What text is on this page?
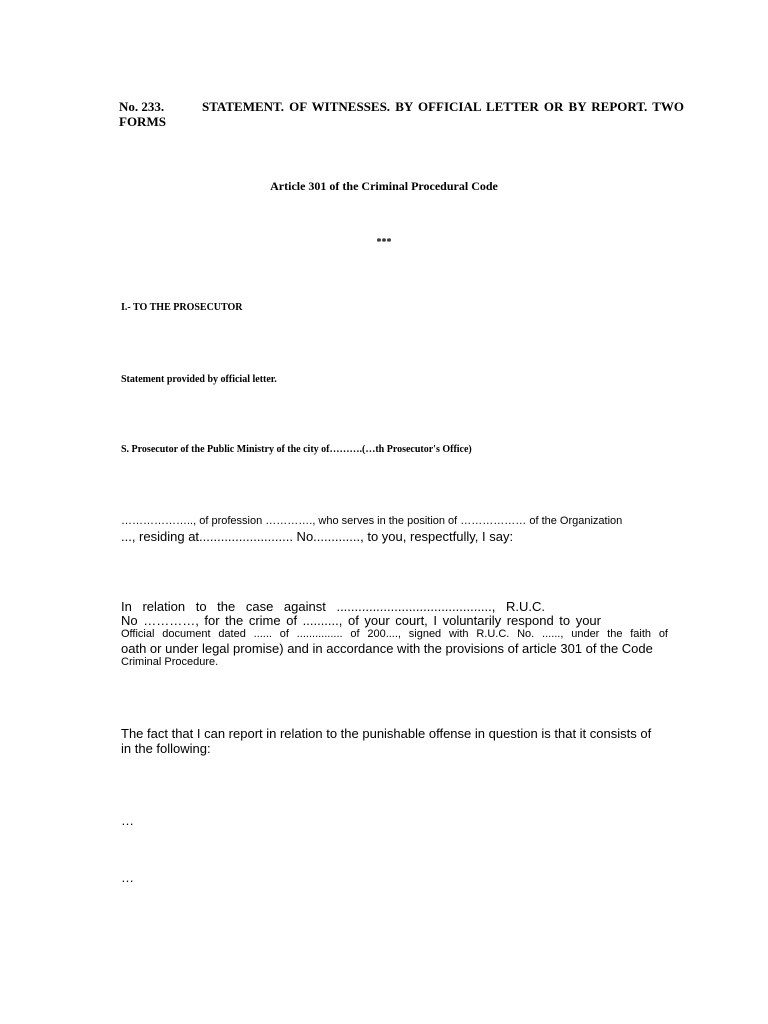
No. 233.	STATEMENT. OF WITNESSES. BY OFFICIAL LETTER OR BY REPORT. TWO

FORMS

Article 301 of the Criminal Procedural Code

***

I.- TO THE PROSECUTOR

Statement provided by official letter.

S. Prosecutor of the Public Ministry of the city of……….(…th Prosecutor's Office)

……………….., of profession …………., who serves in the position of ……………… of the Organization

..., residing at.......................... No............., to you, respectfully, I say:

In relation to the case against ..........................................., R.U.C.

No …………, for the crime of .........., of your court, I voluntarily respond to your

Official document dated ...... of ............... of 200...., signed with R.U.C. No. ......, under the faith of

oath or under legal promise) and in accordance with the provisions of article 301 of the Code

Criminal Procedure.

The fact that I can report in relation to the punishable offense in question is that it consists of

in the following:

…

…
